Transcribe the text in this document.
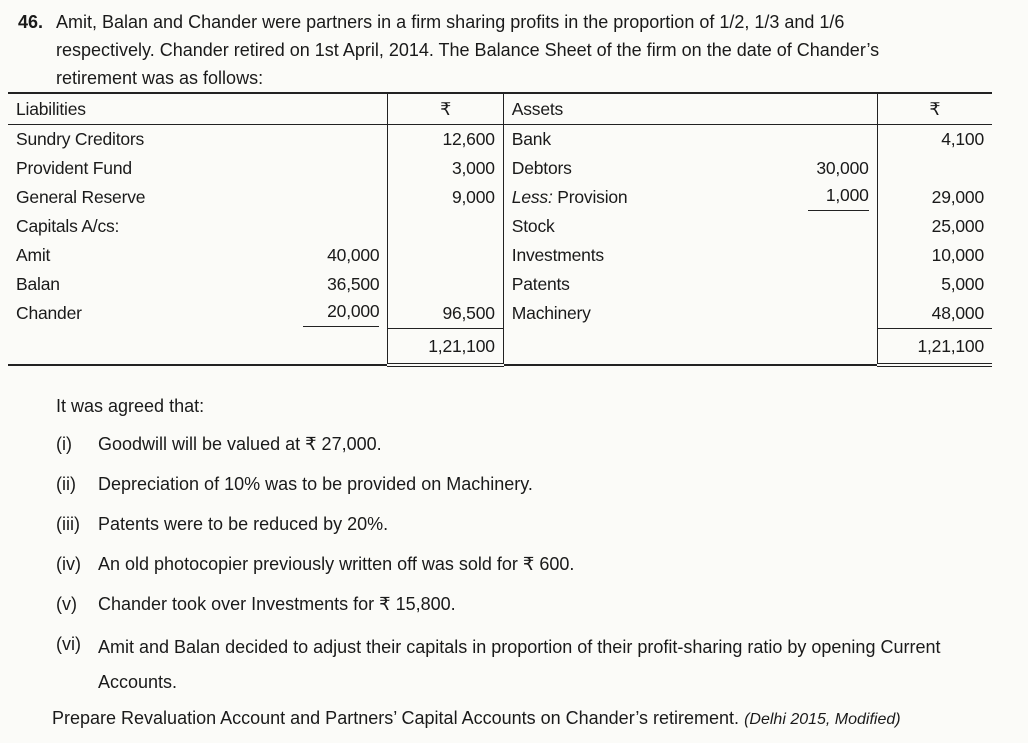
46. Amit, Balan and Chander were partners in a firm sharing profits in the proportion of 1/2, 1/3 and 1/6
respectively. Chander retired on 1st April, 2014. The Balance Sheet of the firm on the date of Chander’s
retirement was as follows:
Liabilities		₹	Assets		₹
Sundry Creditors		12,600	Bank		4,100
Provident Fund		3,000	Debtors	30,000	
General Reserve		9,000	Less: Provision	1,000	29,000
Capitals A/cs:			Stock		25,000
Amit	40,000		Investments		10,000
Balan	36,500		Patents		5,000
Chander	20,000	96,500	Machinery		48,000
		1,21,100			1,21,100
It was agreed that:
(i) Goodwill will be valued at ₹ 27,000.
(ii) Depreciation of 10% was to be provided on Machinery.
(iii) Patents were to be reduced by 20%.
(iv) An old photocopier previously written off was sold for ₹ 600.
(v) Chander took over Investments for ₹ 15,800.
(vi) Amit and Balan decided to adjust their capitals in proportion of their profit-sharing ratio by opening Current Accounts.
Prepare Revaluation Account and Partners’ Capital Accounts on Chander’s retirement. (Delhi 2015, Modified)
